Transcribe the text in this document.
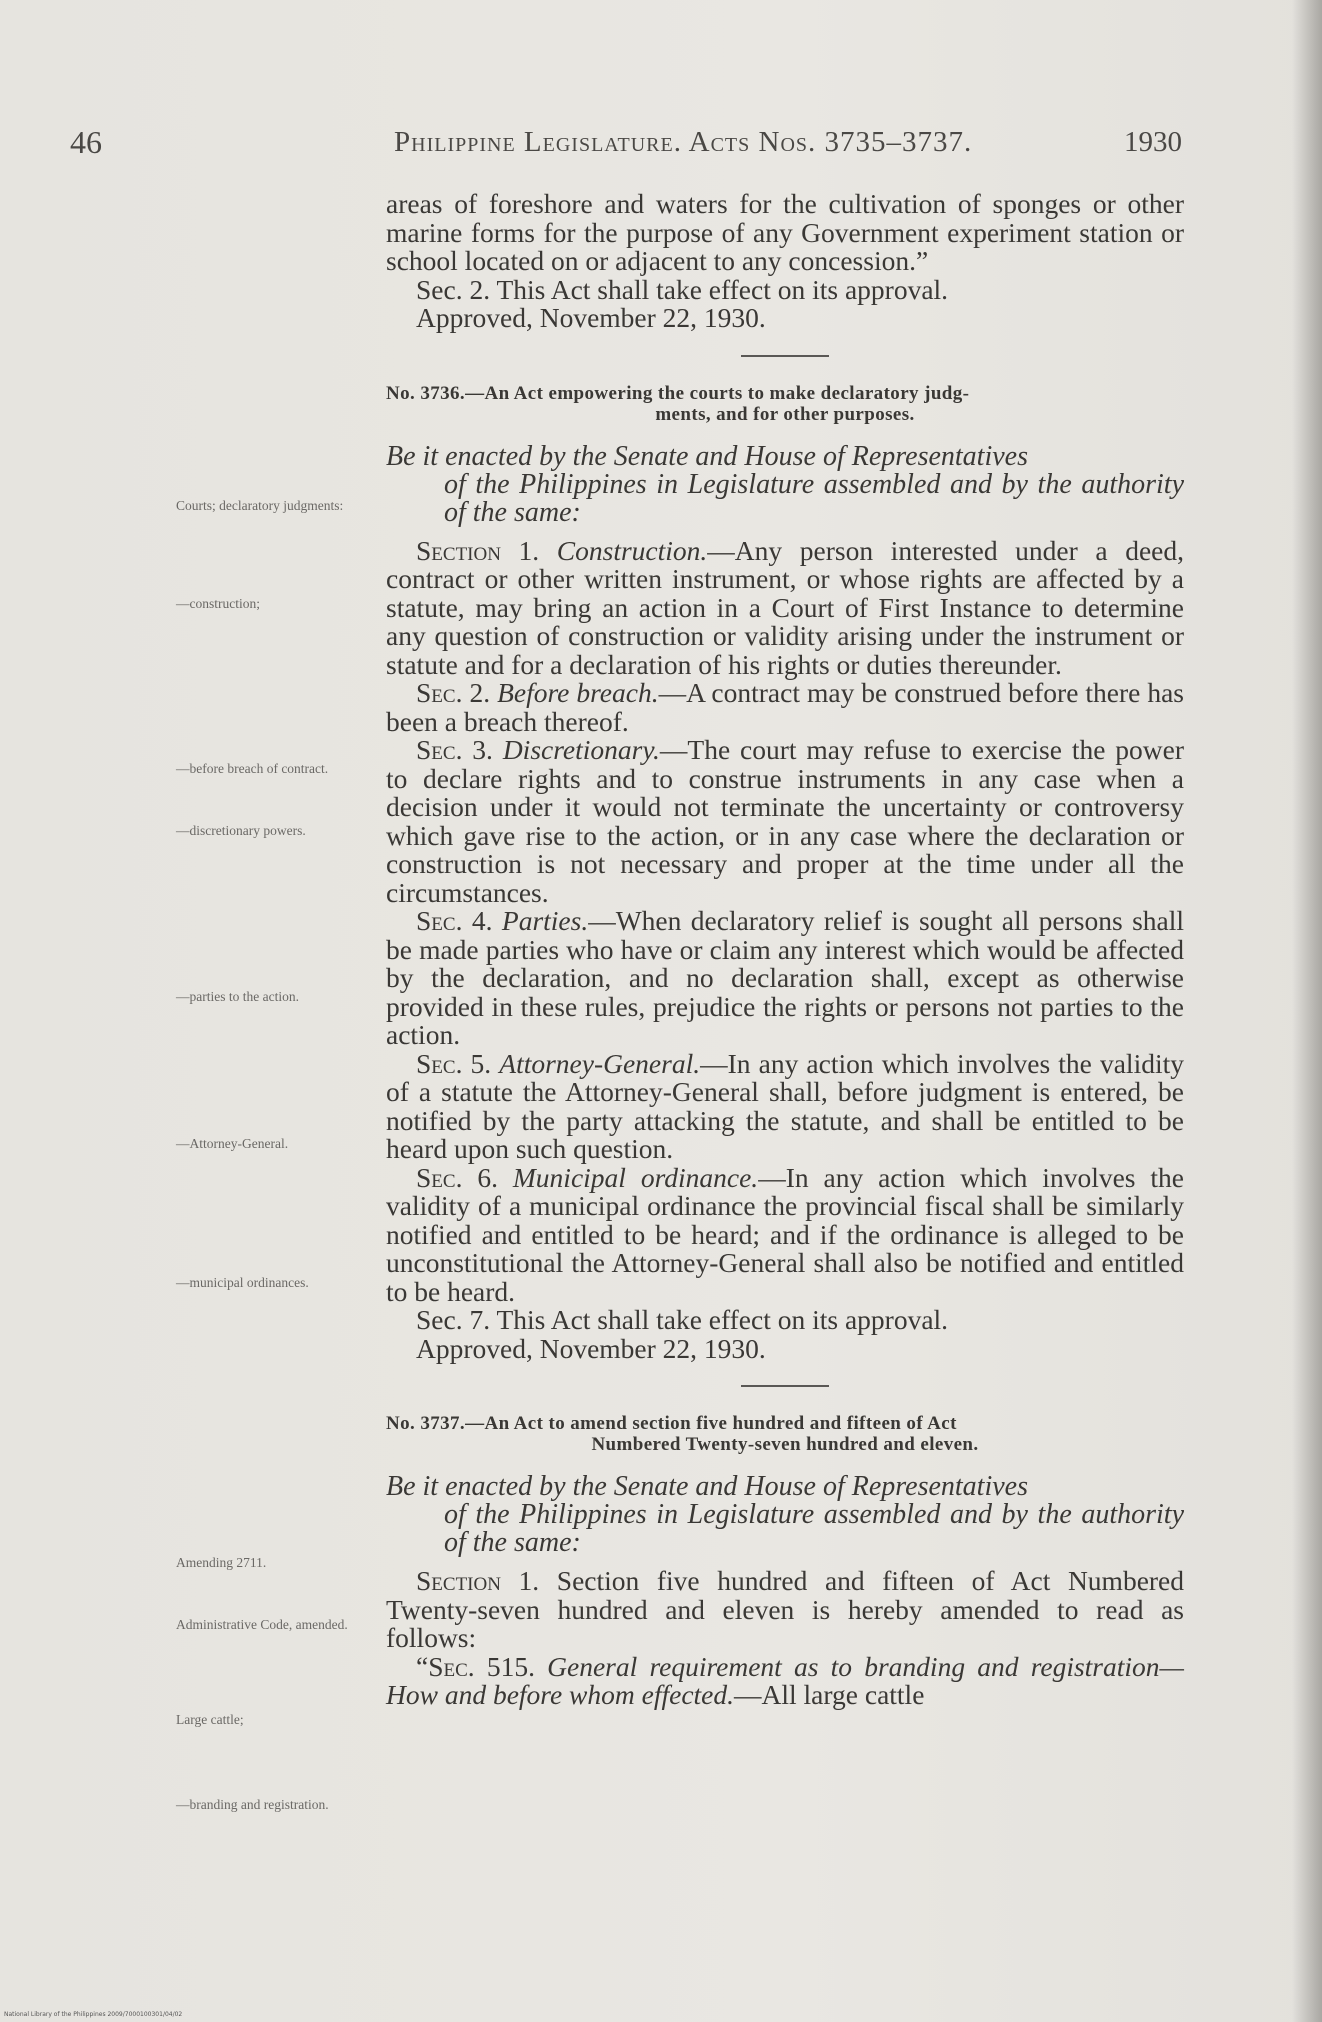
46	Philippine Legislature. Acts Nos. 3735–3737.	1930
Courts; declaratory judgments:
—construction;
—before breach of contract.
—discretionary powers.
—parties to the action.
—Attorney-General.
—municipal ordinances.
Amending 2711.
Administrative Code, amended.
Large cattle;
—branding and registration.

areas of foreshore and waters for the cultivation of sponges or other marine forms for the purpose of any Government experiment station or school located on or adjacent to any concession.”

Sec. 2. This Act shall take effect on its approval.

Approved, November 22, 1930.

No. 3736.—An Act empowering the courts to make declaratory judg-
ments, and for other purposes.

Be it enacted by the Senate and House of Representatives
of the Philippines in Legislature assembled and by the authority of the same:

Section 1. Construction.—Any person interested under a deed, contract or other written instrument, or whose rights are affected by a statute, may bring an action in a Court of First Instance to determine any question of construction or validity arising under the instrument or statute and for a declaration of his rights or duties thereunder.

Sec. 2. Before breach.—A contract may be construed before there has been a breach thereof.

Sec. 3. Discretionary.—The court may refuse to exercise the power to declare rights and to construe instruments in any case when a decision under it would not terminate the uncertainty or controversy which gave rise to the action, or in any case where the declaration or construction is not necessary and proper at the time under all the circumstances.

Sec. 4. Parties.—When declaratory relief is sought all persons shall be made parties who have or claim any interest which would be affected by the declaration, and no declaration shall, except as otherwise provided in these rules, prejudice the rights or persons not parties to the action.

Sec. 5. Attorney-General.—In any action which involves the validity of a statute the Attorney-General shall, before judgment is entered, be notified by the party attacking the statute, and shall be entitled to be heard upon such question.

Sec. 6. Municipal ordinance.—In any action which involves the validity of a municipal ordinance the provincial fiscal shall be similarly notified and entitled to be heard; and if the ordinance is alleged to be unconstitutional the Attorney-General shall also be notified and entitled to be heard.

Sec. 7. This Act shall take effect on its approval.

Approved, November 22, 1930.

No. 3737.—An Act to amend section five hundred and fifteen of Act
Numbered Twenty-seven hundred and eleven.

Be it enacted by the Senate and House of Representatives
of the Philippines in Legislature assembled and by the authority of the same:

Section 1. Section five hundred and fifteen of Act Numbered Twenty-seven hundred and eleven is hereby amended to read as follows:

“Sec. 515. General requirement as to branding and registration—How and before whom effected.—All large cattle

National Library of the Philippines 2009/7000100301/04/02
